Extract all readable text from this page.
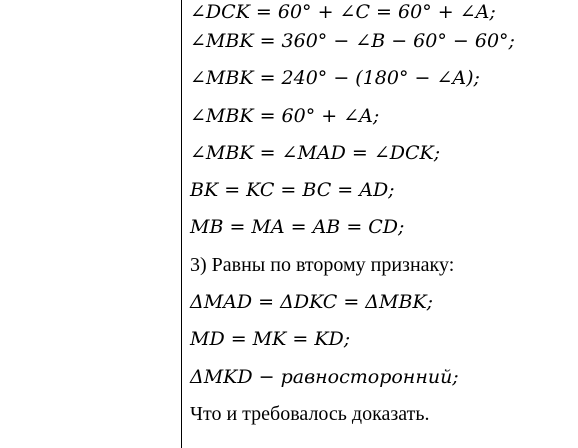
∠DCK = 60° + ∠C = 60° + ∠A;
∠MBK = 360° − ∠B − 60° − 60°;
∠MBK = 240° − (180° − ∠A);
∠MBK = 60° + ∠A;
∠MBK = ∠MAD = ∠DCK;
BK = KC = BC = AD;
MB = MA = AB = CD;
3) Равны по второму признаку:
ΔMAD = ΔDKC = ΔMBK;
MD = MK = KD;
ΔMKD − равносторонний;
Что и требовалось доказать.
